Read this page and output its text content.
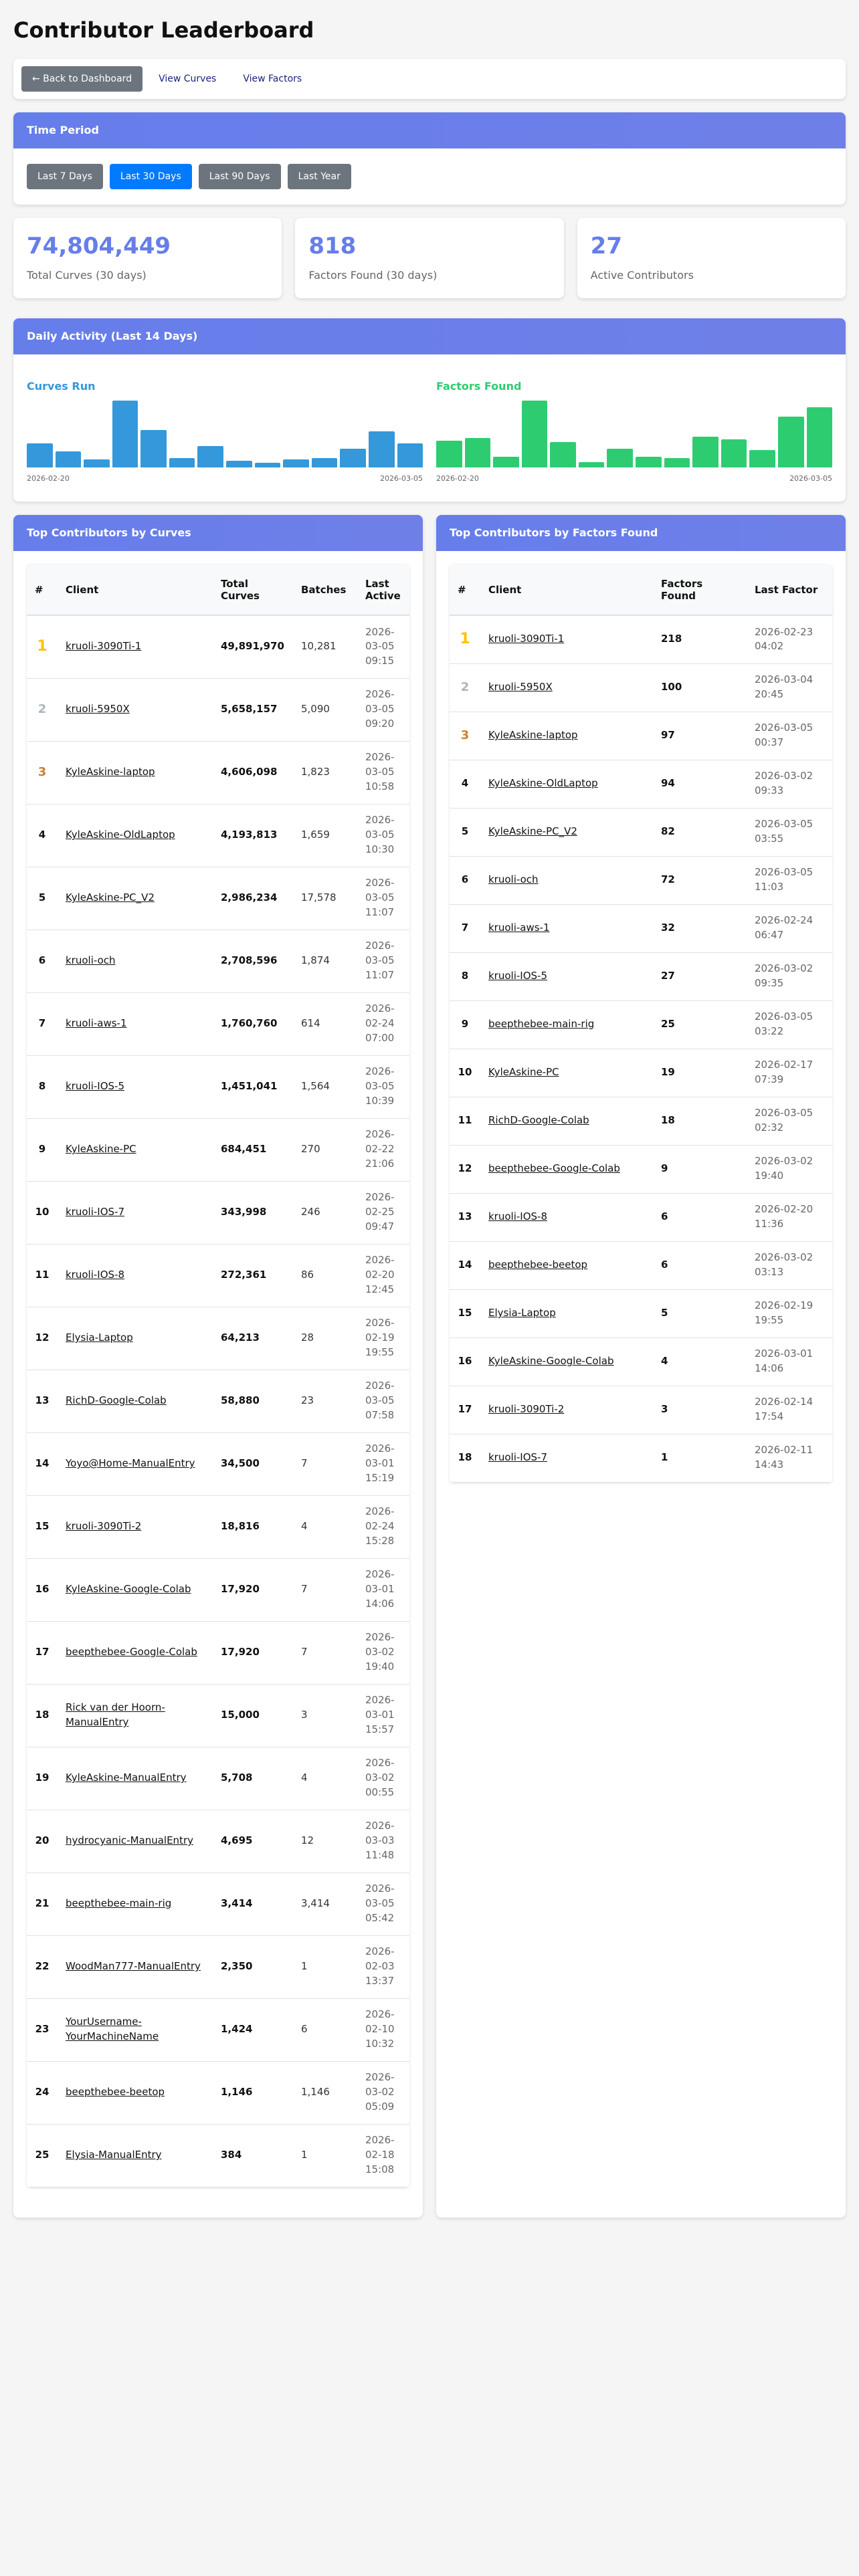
Contributor Leaderboard
← Back to Dashboard	View Curves	View Factors
Time Period
Last 7 Days	Last 30 Days	Last 90 Days	Last Year
74,804,449
Total Curves (30 days)
818
Factors Found (30 days)
27
Active Contributors
Daily Activity (Last 14 Days)
Curves Run
2026-02-20	2026-03-05
Factors Found
2026-02-20	2026-03-05
Top Contributors by Curves
#	Client	Total Curves	Batches	Last Active
1	kruoli-3090Ti-1	49,891,970	10,281	2026-03-05 09:15
2	kruoli-5950X	5,658,157	5,090	2026-03-05 09:20
3	KyleAskine-laptop	4,606,098	1,823	2026-03-05 10:58
4	KyleAskine-OldLaptop	4,193,813	1,659	2026-03-05 10:30
5	KyleAskine-PC_V2	2,986,234	17,578	2026-03-05 11:07
6	kruoli-och	2,708,596	1,874	2026-03-05 11:07
7	kruoli-aws-1	1,760,760	614	2026-02-24 07:00
8	kruoli-IOS-5	1,451,041	1,564	2026-03-05 10:39
9	KyleAskine-PC	684,451	270	2026-02-22 21:06
10	kruoli-IOS-7	343,998	246	2026-02-25 09:47
11	kruoli-IOS-8	272,361	86	2026-02-20 12:45
12	Elysia-Laptop	64,213	28	2026-02-19 19:55
13	RichD-Google-Colab	58,880	23	2026-03-05 07:58
14	Yoyo@Home-ManualEntry	34,500	7	2026-03-01 15:19
15	kruoli-3090Ti-2	18,816	4	2026-02-24 15:28
16	KyleAskine-Google-Colab	17,920	7	2026-03-01 14:06
17	beepthebee-Google-Colab	17,920	7	2026-03-02 19:40
18	Rick van der Hoorn-ManualEntry	15,000	3	2026-03-01 15:57
19	KyleAskine-ManualEntry	5,708	4	2026-03-02 00:55
20	hydrocyanic-ManualEntry	4,695	12	2026-03-03 11:48
21	beepthebee-main-rig	3,414	3,414	2026-03-05 05:42
22	WoodMan777-ManualEntry	2,350	1	2026-02-03 13:37
23	YourUsername-YourMachineName	1,424	6	2026-02-10 10:32
24	beepthebee-beetop	1,146	1,146	2026-03-02 05:09
25	Elysia-ManualEntry	384	1	2026-02-18 15:08
Top Contributors by Factors Found
#	Client	Factors Found	Last Factor
1	kruoli-3090Ti-1	218	2026-02-23 04:02
2	kruoli-5950X	100	2026-03-04 20:45
3	KyleAskine-laptop	97	2026-03-05 00:37
4	KyleAskine-OldLaptop	94	2026-03-02 09:33
5	KyleAskine-PC_V2	82	2026-03-05 03:55
6	kruoli-och	72	2026-03-05 11:03
7	kruoli-aws-1	32	2026-02-24 06:47
8	kruoli-IOS-5	27	2026-03-02 09:35
9	beepthebee-main-rig	25	2026-03-05 03:22
10	KyleAskine-PC	19	2026-02-17 07:39
11	RichD-Google-Colab	18	2026-03-05 02:32
12	beepthebee-Google-Colab	9	2026-03-02 19:40
13	kruoli-IOS-8	6	2026-02-20 11:36
14	beepthebee-beetop	6	2026-03-02 03:13
15	Elysia-Laptop	5	2026-02-19 19:55
16	KyleAskine-Google-Colab	4	2026-03-01 14:06
17	kruoli-3090Ti-2	3	2026-02-14 17:54
18	kruoli-IOS-7	1	2026-02-11 14:43
